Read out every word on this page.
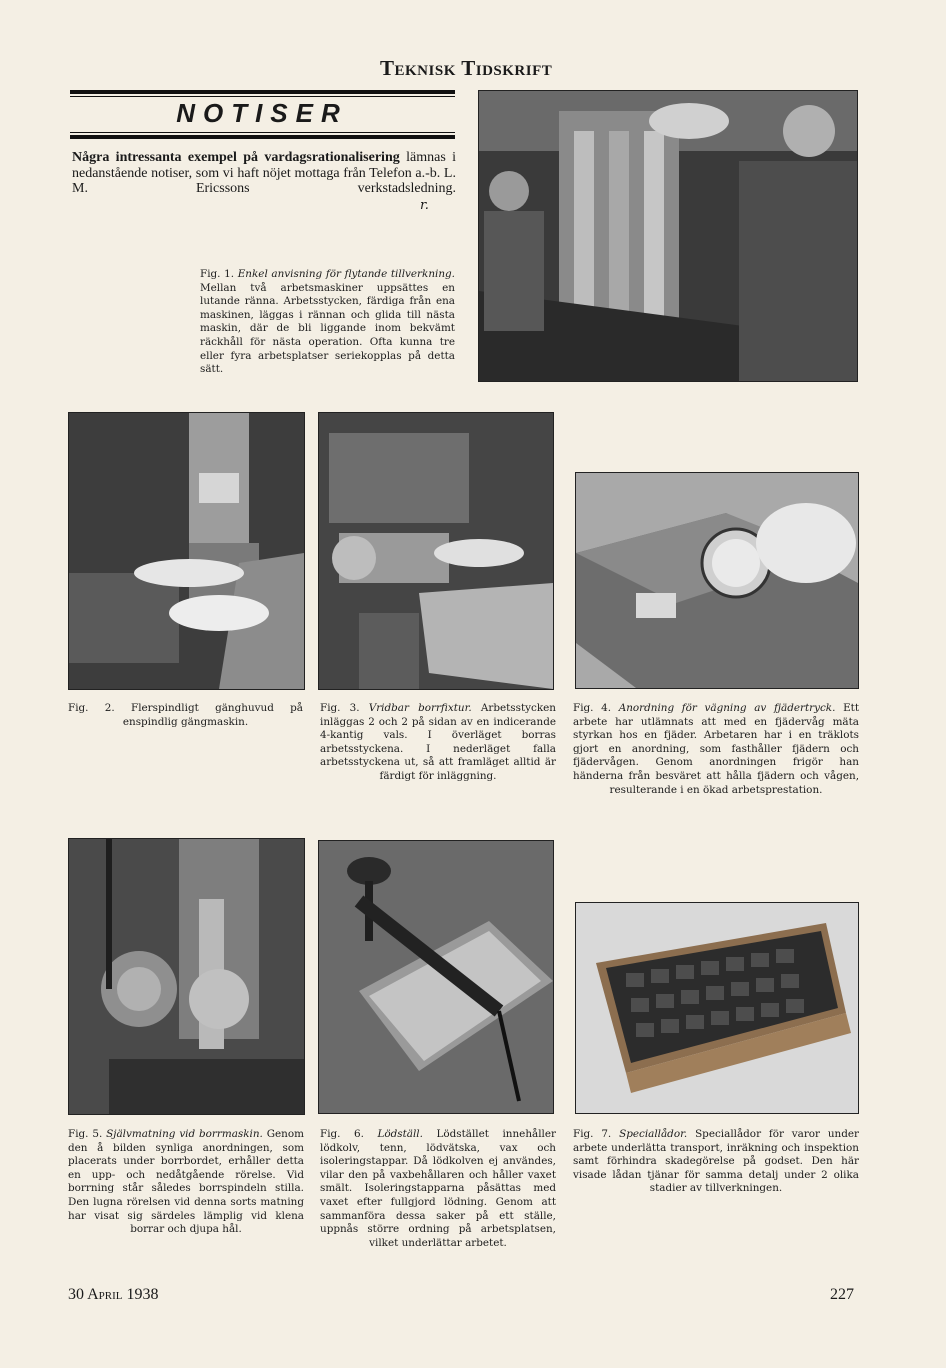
Teknisk Tidskrift
NOTISER
Några intressanta exempel på vardagsrationalisering lämnas i nedanstående notiser, som vi haft nöjet mottaga från Telefon a.-b. L. M. Ericssons verkstadsledning.
r.
Fig. 1. Enkel anvisning för flytande tillverkning. Mellan två arbetsmaskiner uppsättes en lutande ränna. Arbetsstycken, färdiga från ena maskinen, läggas i rännan och glida till nästa maskin, där de bli liggande inom bekvämt räckhåll för nästa operation. Ofta kunna tre eller fyra arbetsplatser seriekopplas på detta sätt.
Fig. 2. Flerspindligt gänghuvud på enspindlig gängmaskin.
Fig. 3. Vridbar borrfixtur. Arbetsstycken inläggas 2 och 2 på sidan av en indicerande 4-kantig vals. I överläget borras arbetsstyckena. I nederläget falla arbetsstyckena ut, så att framläget alltid är färdigt för inläggning.
Fig. 4. Anordning för vägning av fjädertryck. Ett arbete har utlämnats att med en fjädervåg mäta styrkan hos en fjäder. Arbetaren har i en träklots gjort en anordning, som fasthåller fjädern och fjädervågen. Genom anordningen frigör han händerna från besväret att hålla fjädern och vågen, resulterande i en ökad arbetsprestation.
Fig. 5. Självmatning vid borrmaskin. Genom den å bilden synliga anordningen, som placerats under borrbordet, erhåller detta en upp- och nedåtgående rörelse. Vid borrning står således borrspindeln stilla. Den lugna rörelsen vid denna sorts matning har visat sig särdeles lämplig vid klena borrar och djupa hål.
Fig. 6. Lödställ. Lödstället innehåller lödkolv, tenn, lödvätska, vax och isoleringstappar. Då lödkolven ej användes, vilar den på vaxbehållaren och håller vaxet smält. Isoleringstapparna påsättas med vaxet efter fullgjord lödning. Genom att sammanföra dessa saker på ett ställe, uppnås större ordning på arbetsplatsen, vilket underlättar arbetet.
Fig. 7. Speciallådor. Speciallådor för varor under arbete underlätta transport, inräkning och inspektion samt förhindra skadegörelse på godset. Den här visade lådan tjänar för samma detalj under 2 olika stadier av tillverkningen.
30 April 1938	227
